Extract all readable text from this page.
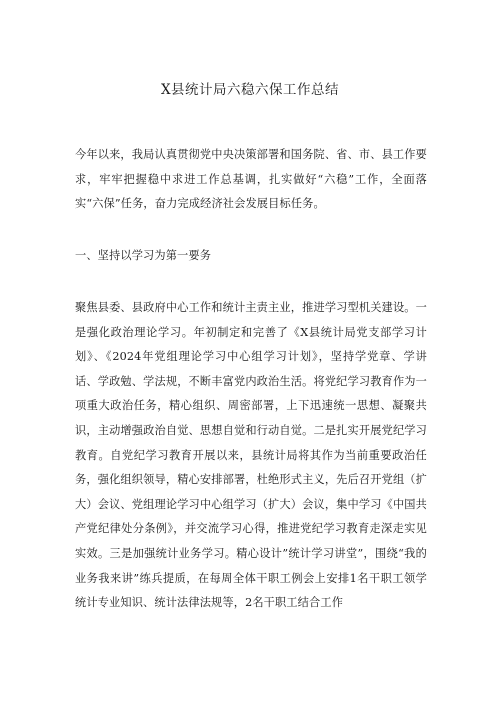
X县统计局六稳六保工作总结
今年以来，我局认真贯彻党中央决策部署和国务院、省、市、县工作要求，牢牢把握稳中求进工作总基调，扎实做好“六稳”工作，全面落实“六保”任务，奋力完成经济社会发展目标任务。
一、坚持以学习为第一要务
聚焦县委、县政府中心工作和统计主责主业，推进学习型机关建设。一是强化政治理论学习。年初制定和完善了《X县统计局党支部学习计划》、《2024年党组理论学习中心组学习计划》，坚持学党章、学讲话、学政勉、学法规，不断丰富党内政治生活。将党纪学习教育作为一项重大政治任务，精心组织、周密部署，上下迅速统一思想、凝聚共识，主动增强政治自觉、思想自觉和行动自觉。二是扎实开展党纪学习教育。自党纪学习教育开展以来，县统计局将其作为当前重要政治任务，强化组织领导，精心安排部署，杜绝形式主义，先后召开党组（扩大）会议、党组理论学习中心组学习（扩大）会议，集中学习《中国共产党纪律处分条例》，并交流学习心得，推进党纪学习教育走深走实见实效。三是加强统计业务学习。精心设计”统计学习讲堂”，围绕“我的业务我来讲”练兵提质，在每周全体干职工例会上安排1名干职工领学统计专业知识、统计法律法规等，2名干职工结合工作
